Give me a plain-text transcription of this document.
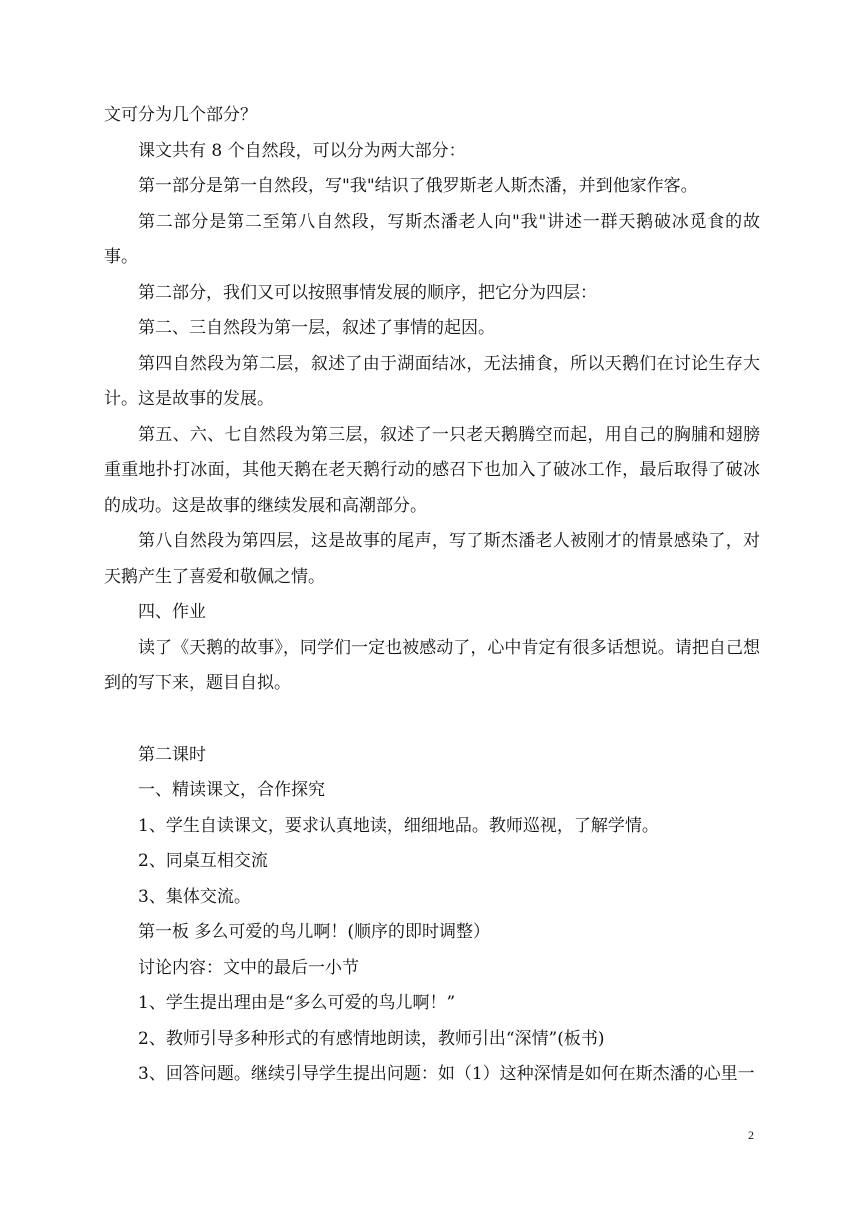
文可分为几个部分？

课文共有 8 个自然段，可以分为两大部分：

第一部分是第一自然段，写"我"结识了俄罗斯老人斯杰潘，并到他家作客。

第二部分是第二至第八自然段，写斯杰潘老人向"我"讲述一群天鹅破冰觅食的故事。

第二部分，我们又可以按照事情发展的顺序，把它分为四层：

第二、三自然段为第一层，叙述了事情的起因。

第四自然段为第二层，叙述了由于湖面结冰，无法捕食，所以天鹅们在讨论生存大计。这是故事的发展。

第五、六、七自然段为第三层，叙述了一只老天鹅腾空而起，用自己的胸脯和翅膀重重地扑打冰面，其他天鹅在老天鹅行动的感召下也加入了破冰工作，最后取得了破冰的成功。这是故事的继续发展和高潮部分。

第八自然段为第四层，这是故事的尾声，写了斯杰潘老人被刚才的情景感染了，对天鹅产生了喜爱和敬佩之情。

四、作业

读了《天鹅的故事》，同学们一定也被感动了，心中肯定有很多话想说。请把自己想到的写下来，题目自拟。

第二课时

一、精读课文，合作探究

1、学生自读课文，要求认真地读，细细地品。教师巡视，了解学情。

2、同桌互相交流

3、集体交流。

第一板 多么可爱的鸟儿啊！(顺序的即时调整）

讨论内容：文中的最后一小节

1、学生提出理由是“多么可爱的鸟儿啊！”

2、教师引导多种形式的有感情地朗读，教师引出“深情”(板书)

3、回答问题。继续引导学生提出问题：如（1）这种深情是如何在斯杰潘的心里一

2
